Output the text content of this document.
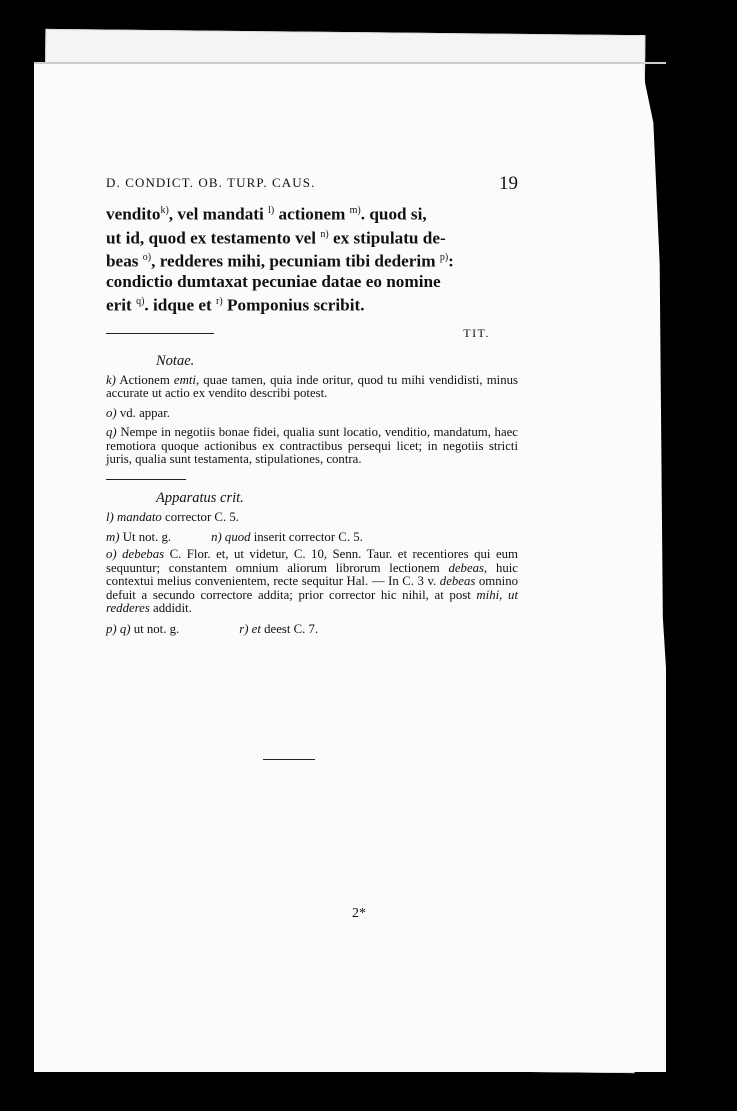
D. CONDICT. OB. TURP. CAUS.	19

vendito$^{k)}$, vel mandati $^{l)}$ actionem $^{m)}$. quod si,

ut id, quod ex testamento vel $^{n)}$ ex stipulatu de-

beas $^{o)}$, redderes mihi, pecuniam tibi dederim $^{p)}$:

condictio dumtaxat pecuniae datae eo nomine

erit $^{q)}$. idque et $^{r)}$ Pomponius scribit.

TIT.
Notae.
k) Actionem emti, quae tamen, quia inde oritur, quod tu mihi vendidisti, minus accurate ut actio ex vendito describi potest.
o) vd. appar.
q) Nempe in negotiis bonae fidei, qualia sunt locatio, venditio, mandatum, haec remotiora quoque actionibus ex contractibus persequi licet; in negotiis stricti juris, qualia sunt testamenta, stipulationes, contra.
Apparatus crit.
l) mandato corrector C. 5.
m) Ut not. g.	n) quod inserit corrector C. 5.
o) debebas C. Flor. et, ut videtur, C. 10, Senn. Taur. et recentiores qui eum sequuntur; constantem omnium aliorum librorum lectionem debeas, huic contextui melius convenientem, recte sequitur Hal. — In C. 3 v. debeas omnino defuit a secundo correctore addita; prior corrector hic nihil, at post mihi, ut redderes addidit.
p) q) ut not. g.	r) et deest C. 7.
2*
